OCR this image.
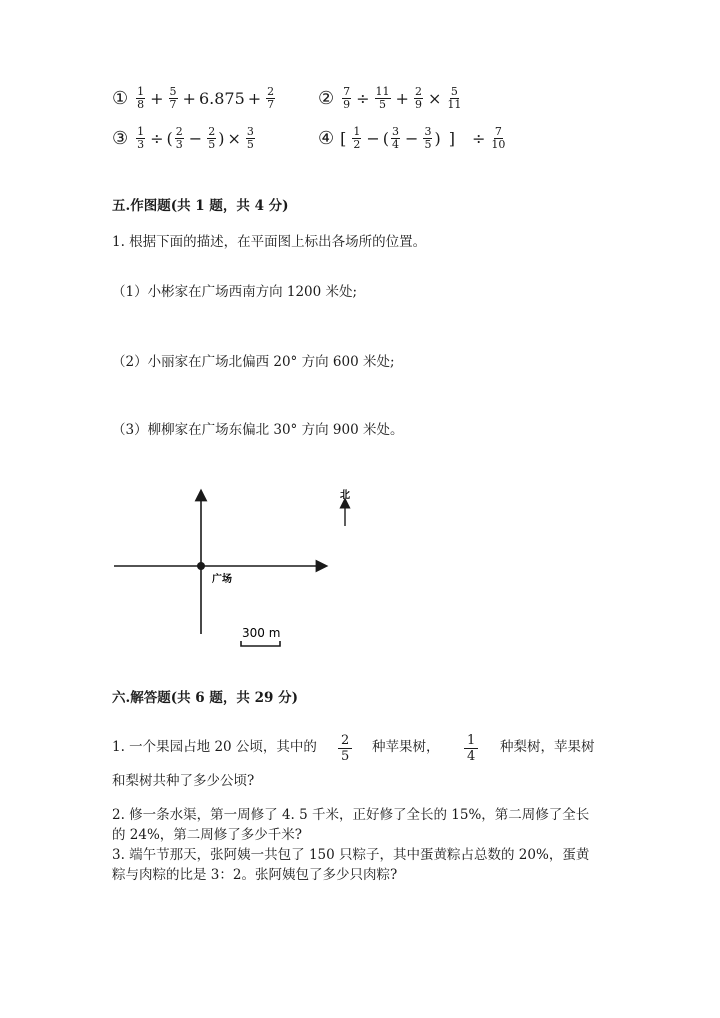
① $\frac{1}{8} + \frac{5}{7} + 6.875 + \frac{2}{7}$ ② $\frac{7}{9} \div \frac{11}{5} + \frac{2}{9} \times \frac{5}{11}$
③ $\frac{1}{3}$ ÷ ( $\frac{2}{3} - \frac{2}{5}$ ) × $\frac{3}{5}$	④ [ $\frac{1}{2}$ − ( $\frac{3}{4} - \frac{3}{5}$ ) ] ÷ $\frac{7}{10}$
五.作图题(共 1 题，共 4 分)
1. 根据下面的描述，在平面图上标出各场所的位置。
（1）小彬家在广场西南方向 1200 米处;
（2）小丽家在广场北偏西 20° 方向 600 米处;
（3）柳柳家在广场东偏北 30° 方向 900 米处。
北
广场
300 m
六.解答题(共 6 题，共 29 分)
1. 一个果园占地 20 公顷，其中的 2
5
种苹果树， 1
4
种梨树，苹果树
和梨树共种了多少公顷?
2. 修一条水渠，第一周修了 4. 5 千米，正好修了全长的 15%，第二周修了全长
的 24%，第二周修了多少千米?
3. 端午节那天，张阿姨一共包了 150 只粽子，其中蛋黄粽占总数的 20%，蛋黄
粽与肉粽的比是 3：2。张阿姨包了多少只肉粽?
